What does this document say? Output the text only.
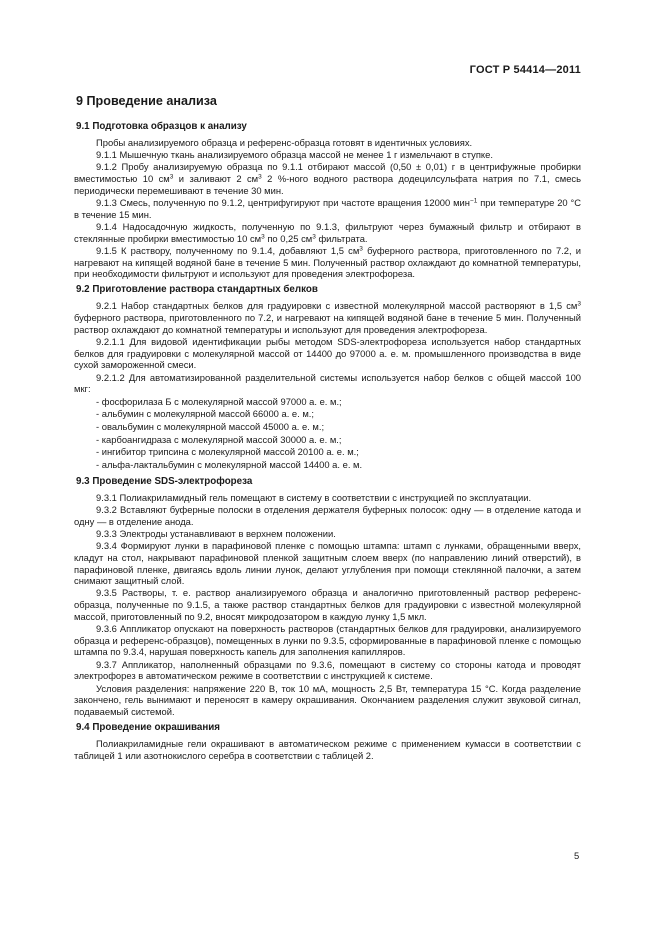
ГОСТ Р 54414—2011
9 Проведение анализа
9.1 Подготовка образцов к анализу
Пробы анализируемого образца и референс-образца готовят в идентичных условиях.
9.1.1 Мышечную ткань анализируемого образца массой не менее 1 г измельчают в ступке.
9.1.2 Пробу анализируемую образца по 9.1.1 отбирают массой (0,50 ± 0,01) г в центрифужные пробирки вместимостью 10 $см^3$ и заливают 2 $см^3$ 2 %-ного водного раствора додецилсульфата натрия по 7.1, смесь периодически перемешивают в течение 30 мин.
9.1.3 Смесь, полученную по 9.1.2, центрифугируют при частоте вращения 12000 мин$^{-1}$ при температуре 20 °С в течение 15 мин.
9.1.4 Надосадочную жидкость, полученную по 9.1.3, фильтруют через бумажный фильтр и отбирают в стеклянные пробирки вместимостью 10 $см^3$ по 0,25 $см^3$ фильтрата.
9.1.5 К раствору, полученному по 9.1.4, добавляют 1,5 $см^3$ буферного раствора, приготовленного по 7.2, и нагревают на кипящей водяной бане в течение 5 мин. Полученный раствор охлаждают до комнатной температуры, при необходимости фильтруют и используют для проведения электрофореза.
9.2 Приготовление раствора стандартных белков
9.2.1 Набор стандартных белков для градуировки с известной молекулярной массой растворяют в 1,5 $см^3$ буферного раствора, приготовленного по 7.2, и нагревают на кипящей водяной бане в течение 5 мин. Полученный раствор охлаждают до комнатной температуры и используют для проведения электрофореза.
9.2.1.1 Для видовой идентификации рыбы методом SDS-электрофореза используется набор стандартных белков для градуировки с молекулярной массой от 14400 до 97000 а. е. м. промышленного производства в виде сухой замороженной смеси.
9.2.1.2 Для автоматизированной разделительной системы используется набор белков с общей массой 100 мкг:
- фосфорилаза Б с молекулярной массой 97000 а. е. м.;
- альбумин с молекулярной массой 66000 а. е. м.;
- овальбумин с молекулярной массой 45000 а. е. м.;
- карбоангидраза с молекулярной массой 30000 а. е. м.;
- ингибитор трипсина с молекулярной массой 20100 а. е. м.;
- альфа-лактальбумин с молекулярной массой 14400 а. е. м.
9.3 Проведение SDS-электрофореза
9.3.1 Полиакриламидный гель помещают в систему в соответствии с инструкцией по эксплуатации.
9.3.2 Вставляют буферные полоски в отделения держателя буферных полосок: одну — в отделение катода и одну — в отделение анода.
9.3.3 Электроды устанавливают в верхнем положении.
9.3.4 Формируют лунки в парафиновой пленке с помощью штампа: штамп с лунками, обращенными вверх, кладут на стол, накрывают парафиновой пленкой защитным слоем вверх (по направлению линий отверстий), в парафиновой пленке, двигаясь вдоль линии лунок, делают углубления при помощи стеклянной палочки, а затем снимают защитный слой.
9.3.5 Растворы, т. е. раствор анализируемого образца и аналогично приготовленный раствор референс-образца, полученные по 9.1.5, а также раствор стандартных белков для градуировки с известной молекулярной массой, приготовленный по 9.2, вносят микродозатором в каждую лунку 1,5 мкл.
9.3.6 Аппликатор опускают на поверхность растворов (стандартных белков для градуировки, анализируемого образца и референс-образцов), помещенных в лунки по 9.3.5, сформированные в парафиновой пленке с помощью штампа по 9.3.4, нарушая поверхность капель для заполнения капилляров.
9.3.7 Аппликатор, наполненный образцами по 9.3.6, помещают в систему со стороны катода и проводят электрофорез в автоматическом режиме в соответствии с инструкцией к системе.
Условия разделения: напряжение 220 В, ток 10 мА, мощность 2,5 Вт, температура 15 °С. Когда разделение закончено, гель вынимают и переносят в камеру окрашивания. Окончанием разделения служит звуковой сигнал, подаваемый системой.
9.4 Проведение окрашивания
Полиакриламидные гели окрашивают в автоматическом режиме с применением кумасси в соответствии с таблицей 1 или азотнокислого серебра в соответствии с таблицей 2.
5
